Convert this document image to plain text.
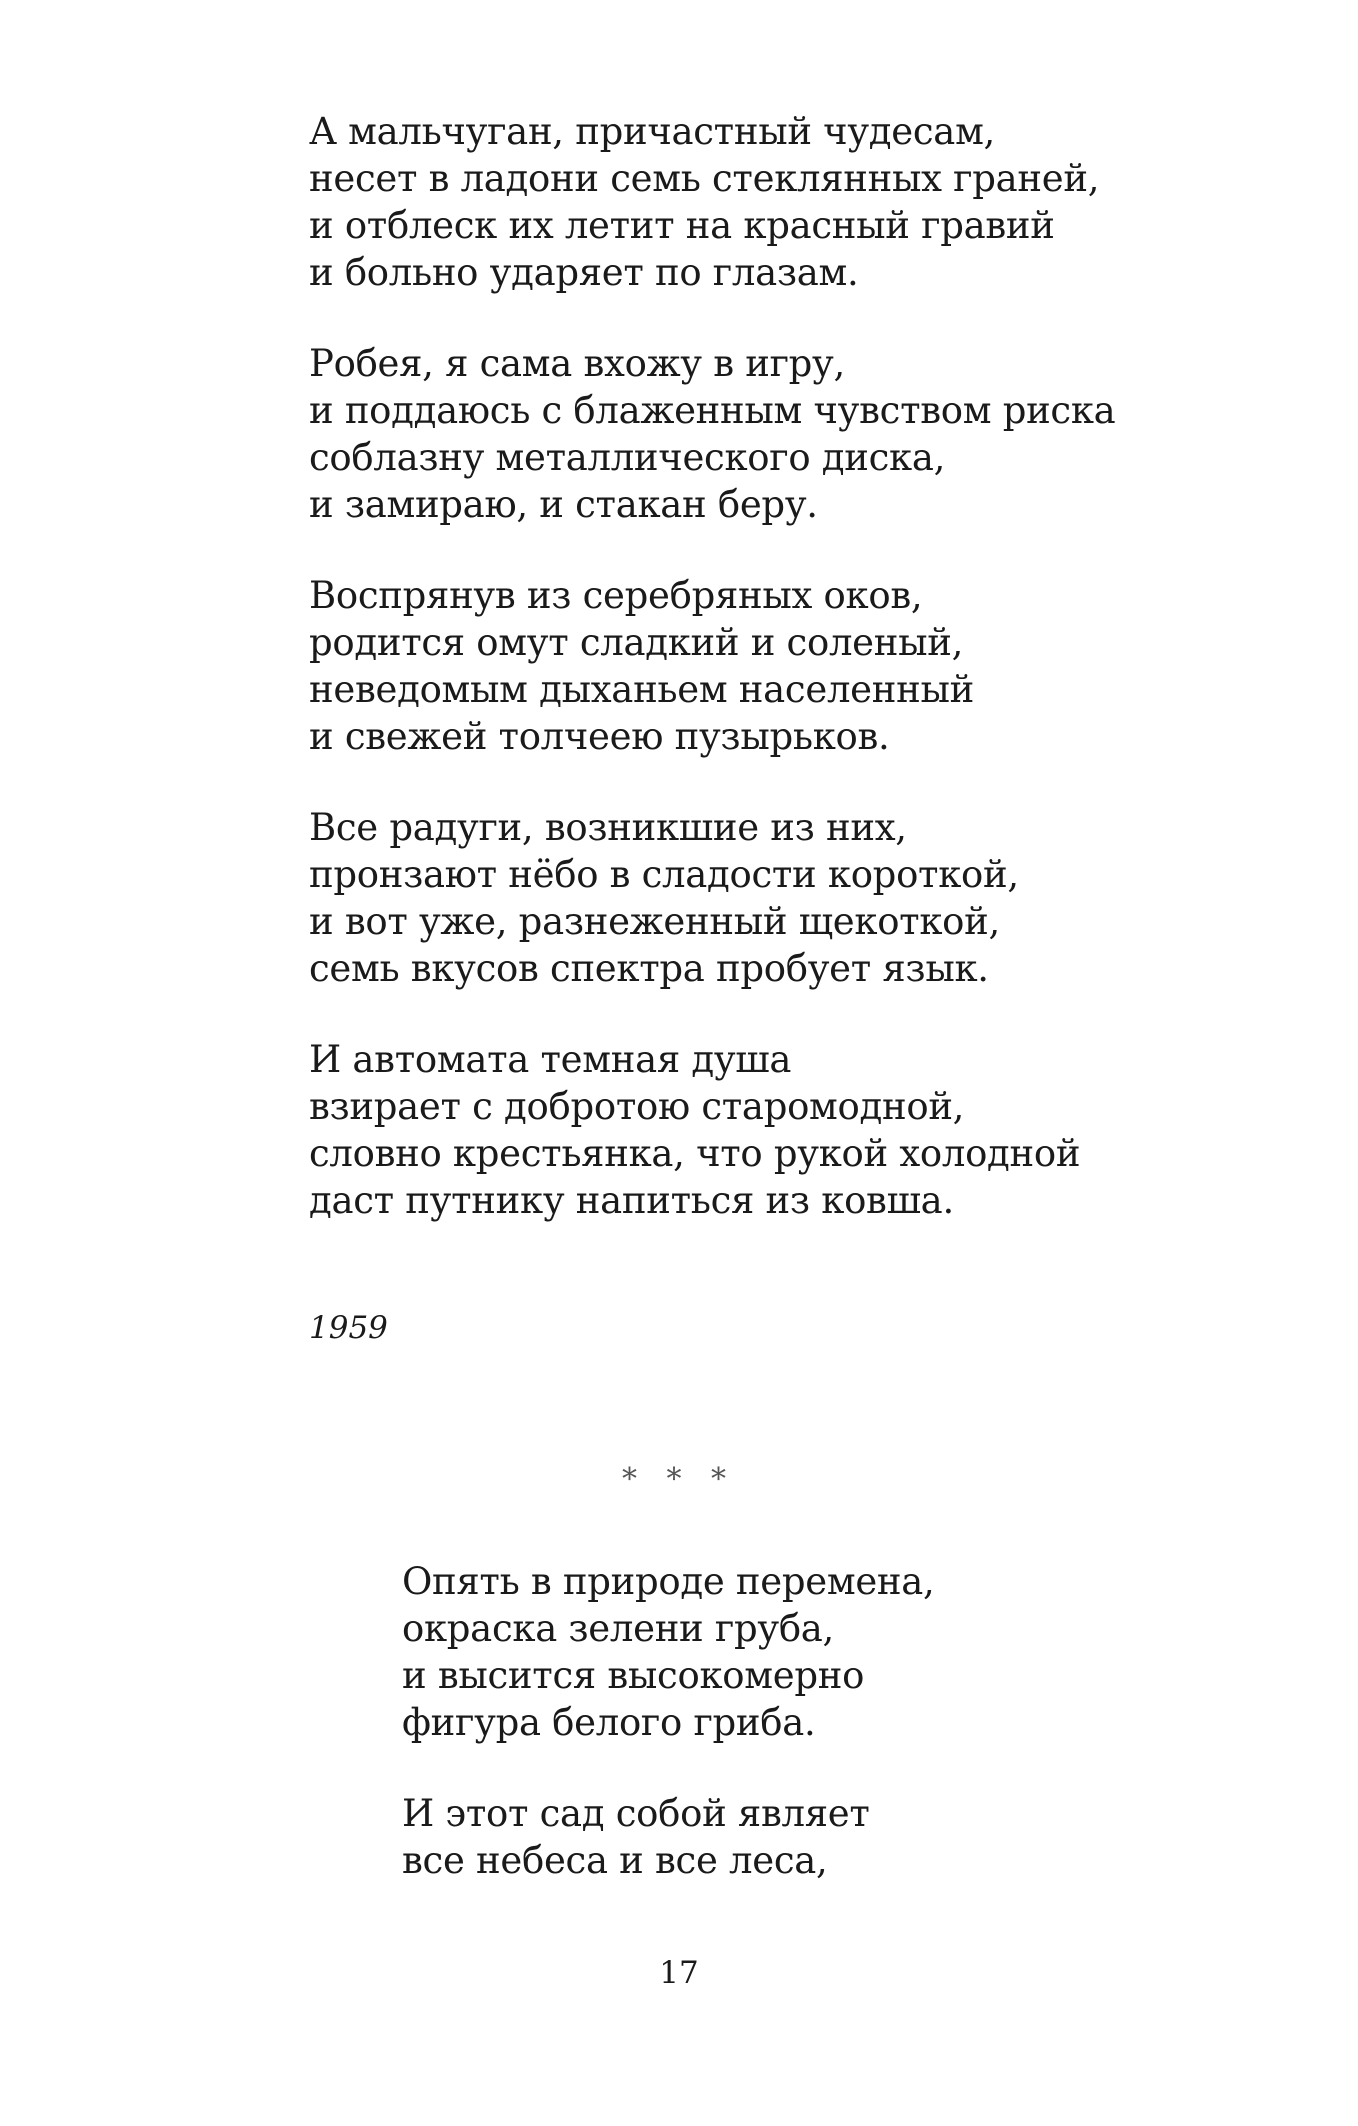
А мальчуган, причастный чудесам,
несет в ладони семь стеклянных граней,
и отблеск их летит на красный гравий
и больно ударяет по глазам.
Робея, я сама вхожу в игру,
и поддаюсь с блаженным чувством риска
соблазну металлического диска,
и замираю, и стакан беру.
Воспрянув из серебряных оков,
родится омут сладкий и соленый,
неведомым дыханьем населенный
и свежей толчеею пузырьков.
Все радуги, возникшие из них,
пронзают нёбо в сладости короткой,
и вот уже, разнеженный щекоткой,
семь вкусов спектра пробует язык.
И автомата темная душа
взирает с добротою старомодной,
словно крестьянка, что рукой холодной
даст путнику напиться из ковша.
1959
* * *
Опять в природе перемена,
окраска зелени груба,
и высится высокомерно
фигура белого гриба.
И этот сад собой являет
все небеса и все леса,
17
